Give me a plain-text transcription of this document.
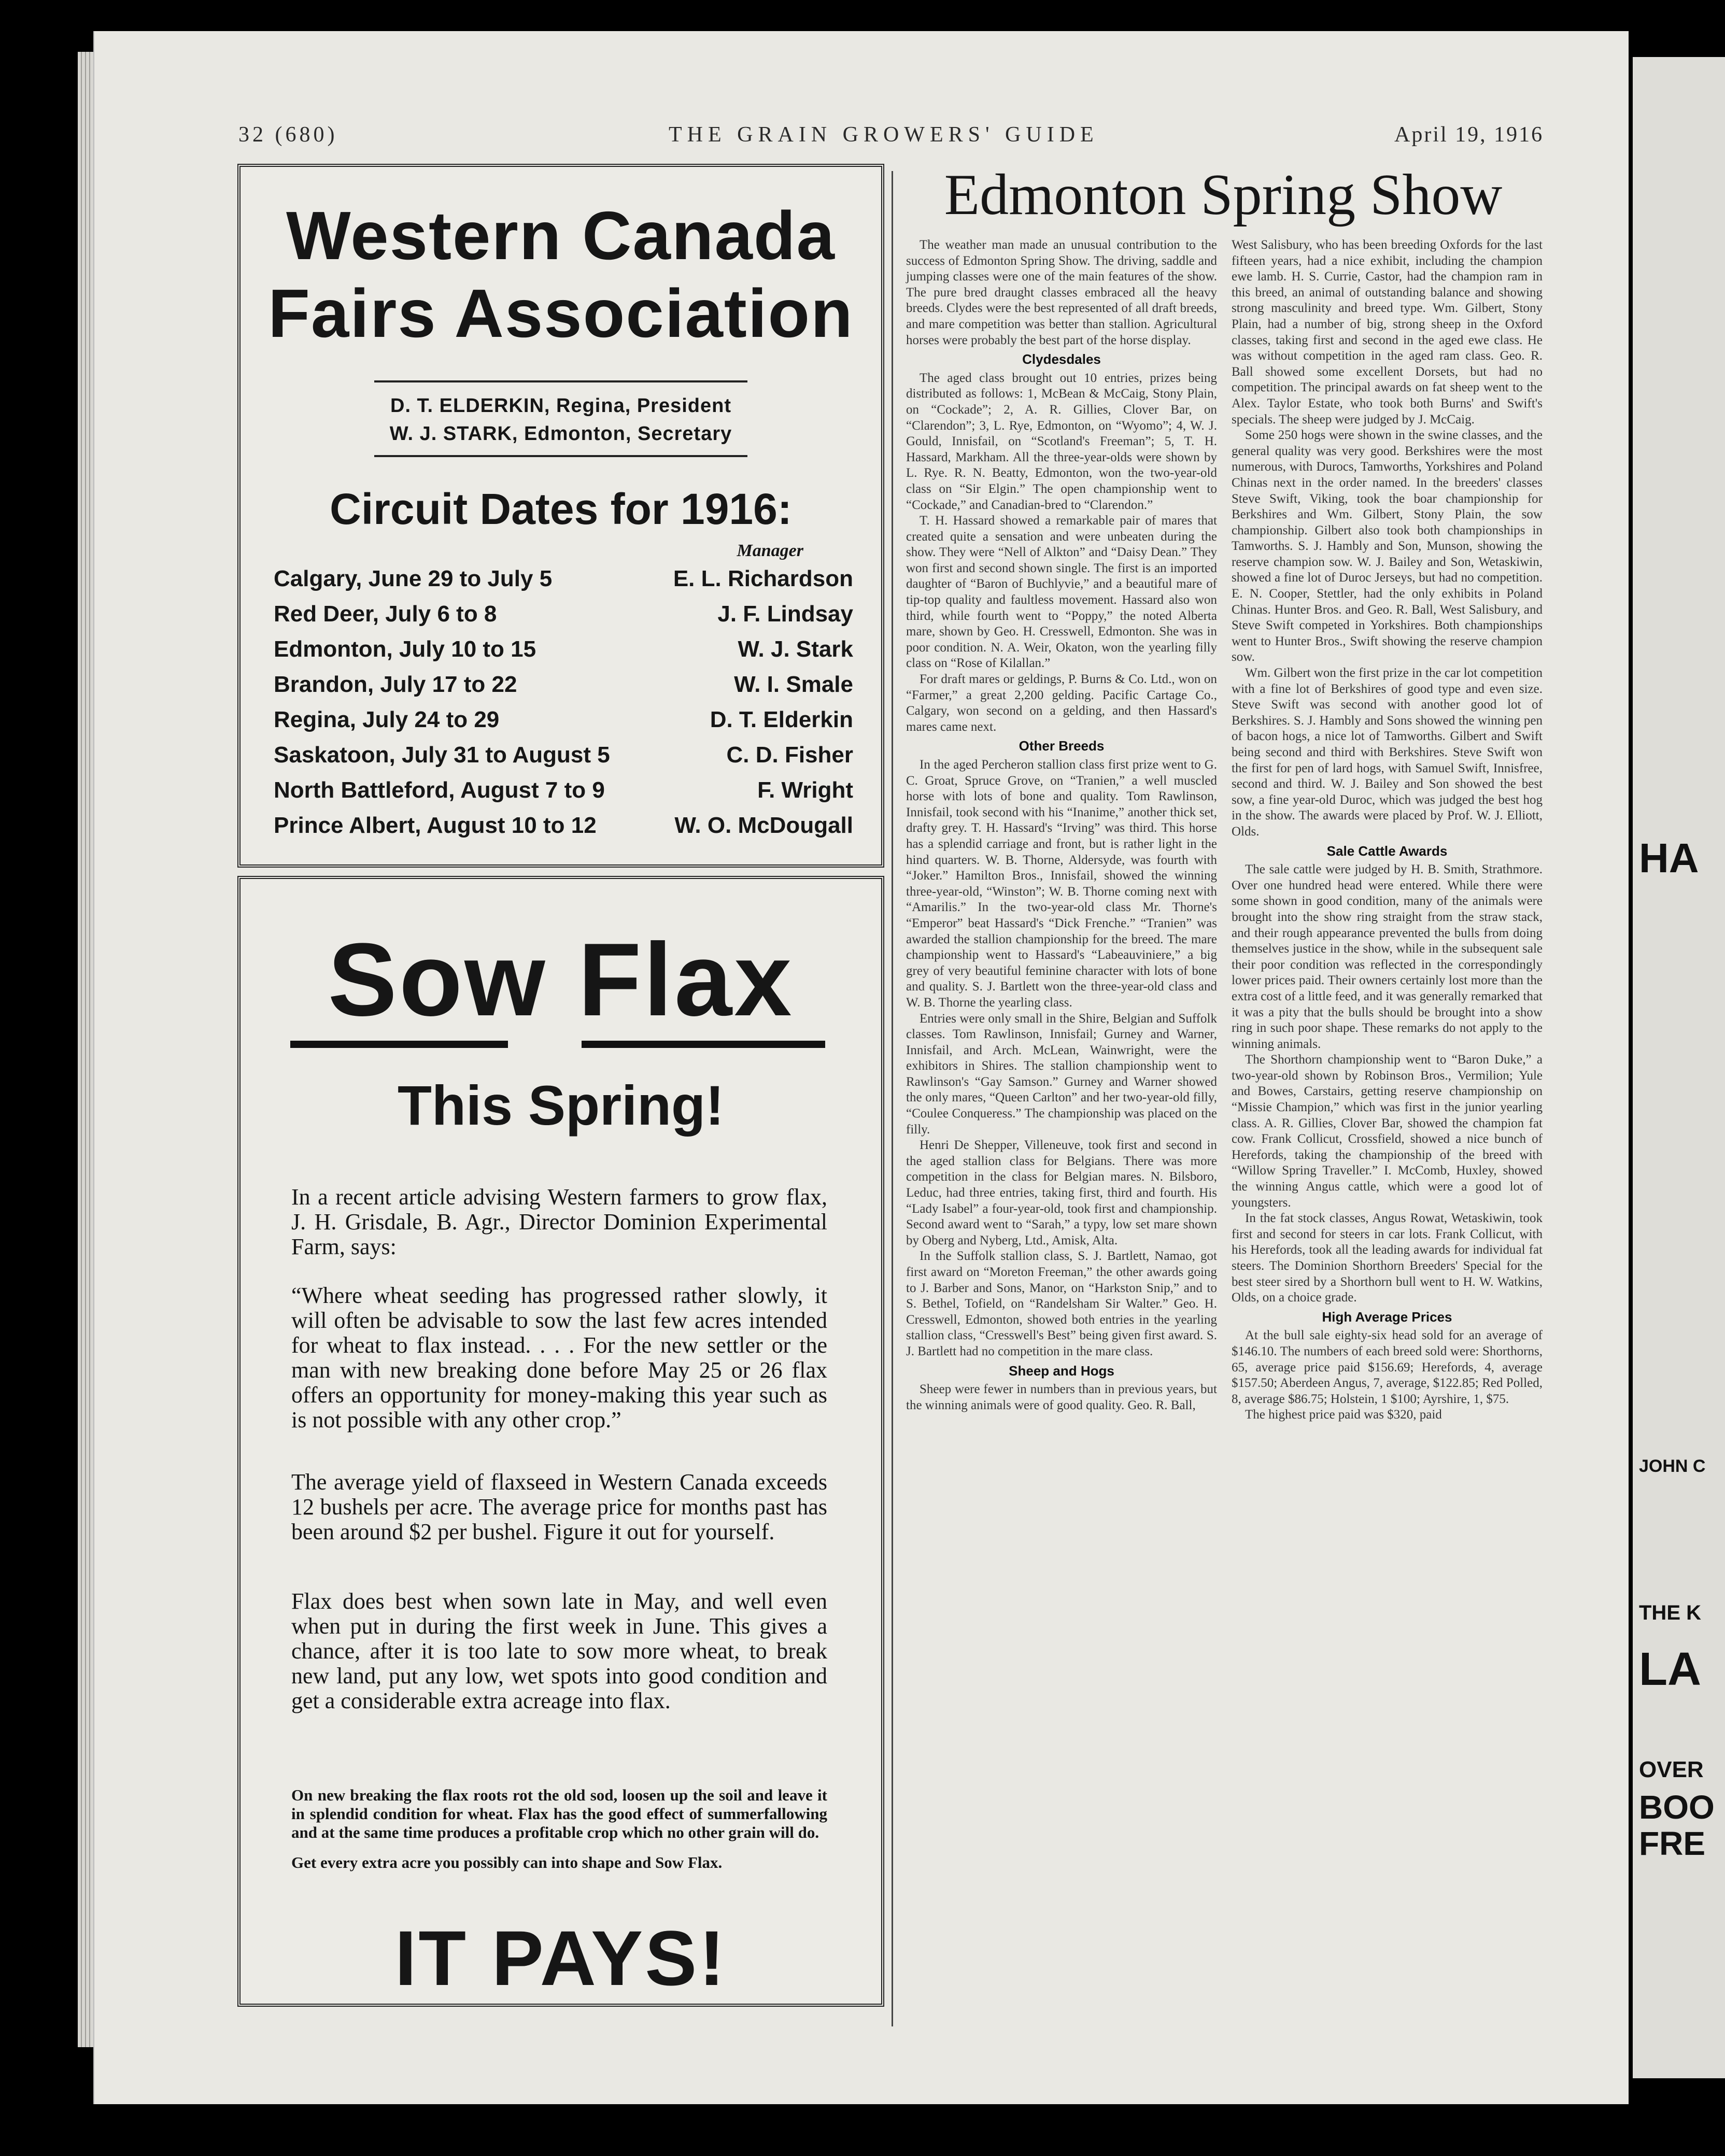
32 (680)	THE GRAIN GROWERS' GUIDE	April 19, 1916
Western Canada
Fairs Association
D. T. ELDERKIN, Regina, President
W. J. STARK, Edmonton, Secretary
Circuit Dates for 1916:
Manager
Calgary, June 29 to July 5	E. L. Richardson
Red Deer, July 6 to 8	J. F. Lindsay
Edmonton, July 10 to 15	W. J. Stark
Brandon, July 17 to 22	W. I. Smale
Regina, July 24 to 29	D. T. Elderkin
Saskatoon, July 31 to August 5	C. D. Fisher
North Battleford, August 7 to 9	F. Wright
Prince Albert, August 10 to 12	W. O. McDougall
Sow Flax
This Spring!
In a recent article advising Western farmers to grow flax, J. H. Grisdale, B. Agr., Director Dominion Experimental Farm, says:
“Where wheat seeding has progressed rather slowly, it will often be advisable to sow the last few acres intended for wheat to flax instead. . . . For the new settler or the man with new breaking done before May 25 or 26 flax offers an opportunity for money-making this year such as is not possible with any other crop.”
The average yield of flaxseed in Western Canada exceeds 12 bushels per acre. The average price for months past has been around $2 per bushel. Figure it out for yourself.
Flax does best when sown late in May, and well even when put in during the first week in June. This gives a chance, after it is too late to sow more wheat, to break new land, put any low, wet spots into good condition and get a considerable extra acreage into flax.
On new breaking the flax roots rot the old sod, loosen up the soil and leave it in splendid condition for wheat. Flax has the good effect of summerfallowing and at the same time produces a profitable crop which no other grain will do.
Get every extra acre you possibly can into shape and Sow Flax.
IT PAYS!
Edmonton Spring Show

The weather man made an unusual contribution to the success of Edmonton Spring Show. The driving, saddle and jumping classes were one of the main features of the show. The pure bred draught classes embraced all the heavy breeds. Clydes were the best represented of all draft breeds, and mare competition was better than stallion. Agricultural horses were probably the best part of the horse display.

Clydesdales

The aged class brought out 10 entries, prizes being distributed as follows: 1, McBean & McCaig, Stony Plain, on “Cockade”; 2, A. R. Gillies, Clover Bar, on “Clarendon”; 3, L. Rye, Edmonton, on “Wyomo”; 4, W. J. Gould, Innisfail, on “Scotland's Freeman”; 5, T. H. Hassard, Markham. All the three-year-olds were shown by L. Rye. R. N. Beatty, Edmonton, won the two-year-old class on “Sir Elgin.” The open championship went to “Cockade,” and Canadian-bred to “Clarendon.”

T. H. Hassard showed a remarkable pair of mares that created quite a sensation and were unbeaten during the show. They were “Nell of Alkton” and “Daisy Dean.” They won first and second shown single. The first is an imported daughter of “Baron of Buchlyvie,” and a beautiful mare of tip-top quality and faultless movement. Hassard also won third, while fourth went to “Poppy,” the noted Alberta mare, shown by Geo. H. Cresswell, Edmonton. She was in poor condition. N. A. Weir, Okaton, won the yearling filly class on “Rose of Kilallan.”

For draft mares or geldings, P. Burns & Co. Ltd., won on “Farmer,” a great 2,200 gelding. Pacific Cartage Co., Calgary, won second on a gelding, and then Hassard's mares came next.

Other Breeds

In the aged Percheron stallion class first prize went to G. C. Groat, Spruce Grove, on “Tranien,” a well muscled horse with lots of bone and quality. Tom Rawlinson, Innisfail, took second with his “Inanime,” another thick set, drafty grey. T. H. Hassard's “Irving” was third. This horse has a splendid carriage and front, but is rather light in the hind quarters. W. B. Thorne, Aldersyde, was fourth with “Joker.” Hamilton Bros., Innisfail, showed the winning three-year-old, “Winston”; W. B. Thorne coming next with “Amarilis.” In the two-year-old class Mr. Thorne's “Emperor” beat Hassard's “Dick Frenche.” “Tranien” was awarded the stallion championship for the breed. The mare championship went to Hassard's “Labeauviniere,” a big grey of very beautiful feminine character with lots of bone and quality. S. J. Bartlett won the three-year-old class and W. B. Thorne the yearling class.

Entries were only small in the Shire, Belgian and Suffolk classes. Tom Rawlinson, Innisfail; Gurney and Warner, Innisfail, and Arch. McLean, Wainwright, were the exhibitors in Shires. The stallion championship went to Rawlinson's “Gay Samson.” Gurney and Warner showed the only mares, “Queen Carlton” and her two-year-old filly, “Coulee Conqueress.” The championship was placed on the filly.

Henri De Shepper, Villeneuve, took first and second in the aged stallion class for Belgians. There was more competition in the class for Belgian mares. N. Bilsboro, Leduc, had three entries, taking first, third and fourth. His “Lady Isabel” a four-year-old, took first and championship. Second award went to “Sarah,” a typy, low set mare shown by Oberg and Nyberg, Ltd., Amisk, Alta.

In the Suffolk stallion class, S. J. Bartlett, Namao, got first award on “Moreton Freeman,” the other awards going to J. Barber and Sons, Manor, on “Harkston Snip,” and to S. Bethel, Tofield, on “Randelsham Sir Walter.” Geo. H. Cresswell, Edmonton, showed both entries in the yearling stallion class, “Cresswell's Best” being given first award. S. J. Bartlett had no competition in the mare class.

Sheep and Hogs

Sheep were fewer in numbers than in previous years, but the winning animals were of good quality. Geo. R. Ball,

West Salisbury, who has been breeding Oxfords for the last fifteen years, had a nice exhibit, including the champion ewe lamb. H. S. Currie, Castor, had the champion ram in this breed, an animal of outstanding balance and showing strong masculinity and breed type. Wm. Gilbert, Stony Plain, had a number of big, strong sheep in the Oxford classes, taking first and second in the aged ewe class. He was without competition in the aged ram class. Geo. R. Ball showed some excellent Dorsets, but had no competition. The principal awards on fat sheep went to the Alex. Taylor Estate, who took both Burns' and Swift's specials. The sheep were judged by J. McCaig.

Some 250 hogs were shown in the swine classes, and the general quality was very good. Berkshires were the most numerous, with Durocs, Tamworths, Yorkshires and Poland Chinas next in the order named. In the breeders' classes Steve Swift, Viking, took the boar championship for Berkshires and Wm. Gilbert, Stony Plain, the sow championship. Gilbert also took both championships in Tamworths. S. J. Hambly and Son, Munson, showing the reserve champion sow. W. J. Bailey and Son, Wetaskiwin, showed a fine lot of Duroc Jerseys, but had no competition. E. N. Cooper, Stettler, had the only exhibits in Poland Chinas. Hunter Bros. and Geo. R. Ball, West Salisbury, and Steve Swift competed in Yorkshires. Both championships went to Hunter Bros., Swift showing the reserve champion sow.

Wm. Gilbert won the first prize in the car lot competition with a fine lot of Berkshires of good type and even size. Steve Swift was second with another good lot of Berkshires. S. J. Hambly and Sons showed the winning pen of bacon hogs, a nice lot of Tamworths. Gilbert and Swift being second and third with Berkshires. Steve Swift won the first for pen of lard hogs, with Samuel Swift, Innisfree, second and third. W. J. Bailey and Son showed the best sow, a fine year-old Duroc, which was judged the best hog in the show. The awards were placed by Prof. W. J. Elliott, Olds.

Sale Cattle Awards

The sale cattle were judged by H. B. Smith, Strathmore. Over one hundred head were entered. While there were some shown in good condition, many of the animals were brought into the show ring straight from the straw stack, and their rough appearance prevented the bulls from doing themselves justice in the show, while in the subsequent sale their poor condition was reflected in the correspondingly lower prices paid. Their owners certainly lost more than the extra cost of a little feed, and it was generally remarked that it was a pity that the bulls should be brought into a show ring in such poor shape. These remarks do not apply to the winning animals.

The Shorthorn championship went to “Baron Duke,” a two-year-old shown by Robinson Bros., Vermilion; Yule and Bowes, Carstairs, getting reserve championship on “Missie Champion,” which was first in the junior yearling class. A. R. Gillies, Clover Bar, showed the champion fat cow. Frank Collicut, Crossfield, showed a nice bunch of Herefords, taking the championship of the breed with “Willow Spring Traveller.” I. McComb, Huxley, showed the winning Angus cattle, which were a good lot of youngsters.

In the fat stock classes, Angus Rowat, Wetaskiwin, took first and second for steers in car lots. Frank Collicut, with his Herefords, took all the leading awards for individual fat steers. The Dominion Shorthorn Breeders' Special for the best steer sired by a Shorthorn bull went to H. W. Watkins, Olds, on a choice grade.

High Average Prices

At the bull sale eighty-six head sold for an average of $146.10. The numbers of each breed sold were: Shorthorns, 65, average price paid $156.69; Herefords, 4, average $157.50; Aberdeen Angus, 7, average, $122.85; Red Polled, 8, average $86.75; Holstein, 1 $100; Ayrshire, 1, $75.

The highest price paid was $320, paid

HA
JOHN C
THE K
LA
OVER
BOO
FRE
